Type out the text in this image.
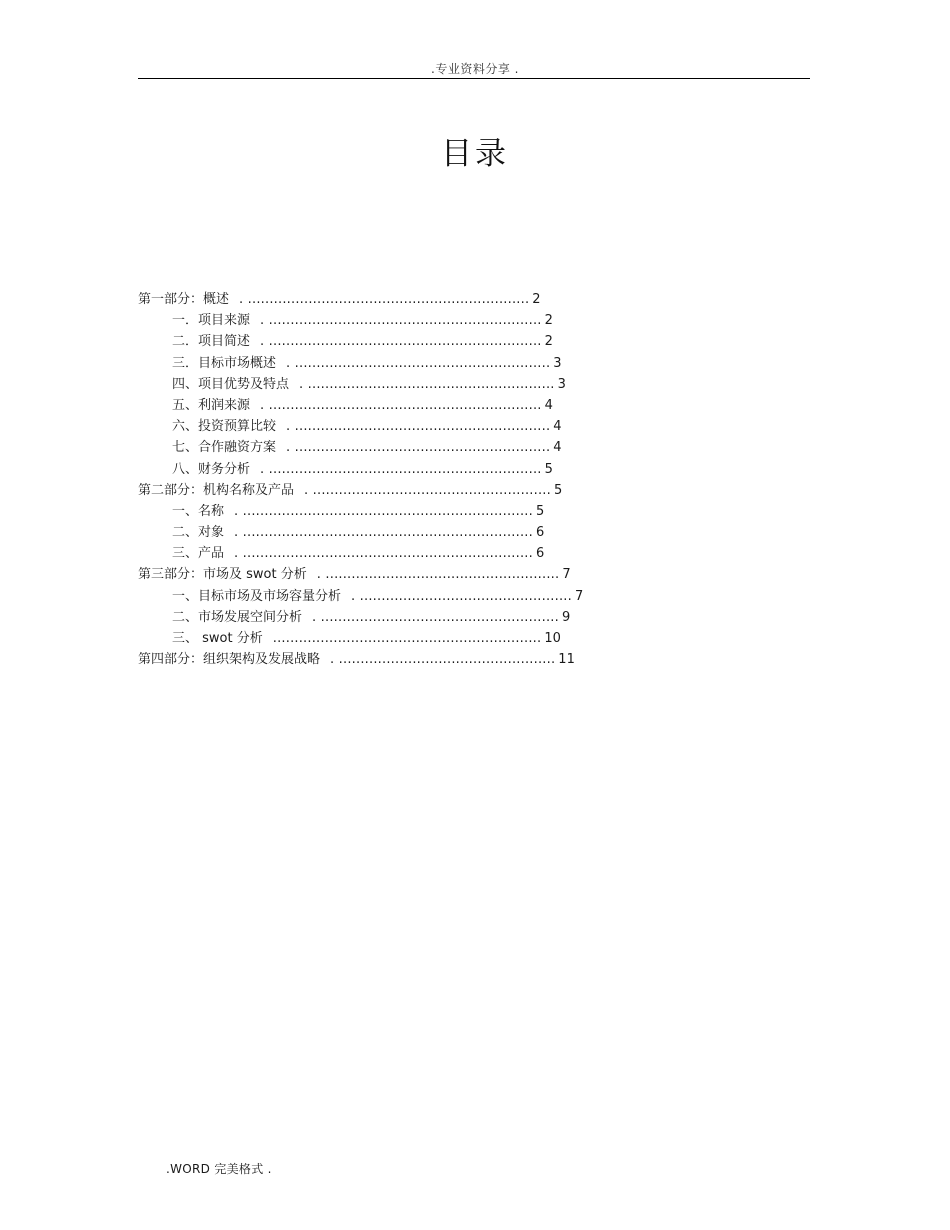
.专业资料分享 .
目录
第一部分：概述 . ................................................................. 2
一．项目来源 . ............................................................... 2
二．项目简述 . ............................................................... 2
三．目标市场概述 . ........................................................... 3
四、项目优势及特点 . ......................................................... 3
五、利润来源 . ............................................................... 4
六、投资预算比较 . ........................................................... 4
七、合作融资方案 . ........................................................... 4
八、财务分析 . ............................................................... 5
第二部分：机构名称及产品 . ....................................................... 5
一、名称 . ................................................................... 5
二、对象 . ................................................................... 6
三、产品 . ................................................................... 6
第三部分：市场及 swot 分析 . ...................................................... 7
一、目标市场及市场容量分析 . ................................................. 7
二、市场发展空间分析 . ....................................................... 9
三、 swot 分析 .............................................................. 10
第四部分：组织架构及发展战略 . .................................................. 11
.WORD 完美格式 .
